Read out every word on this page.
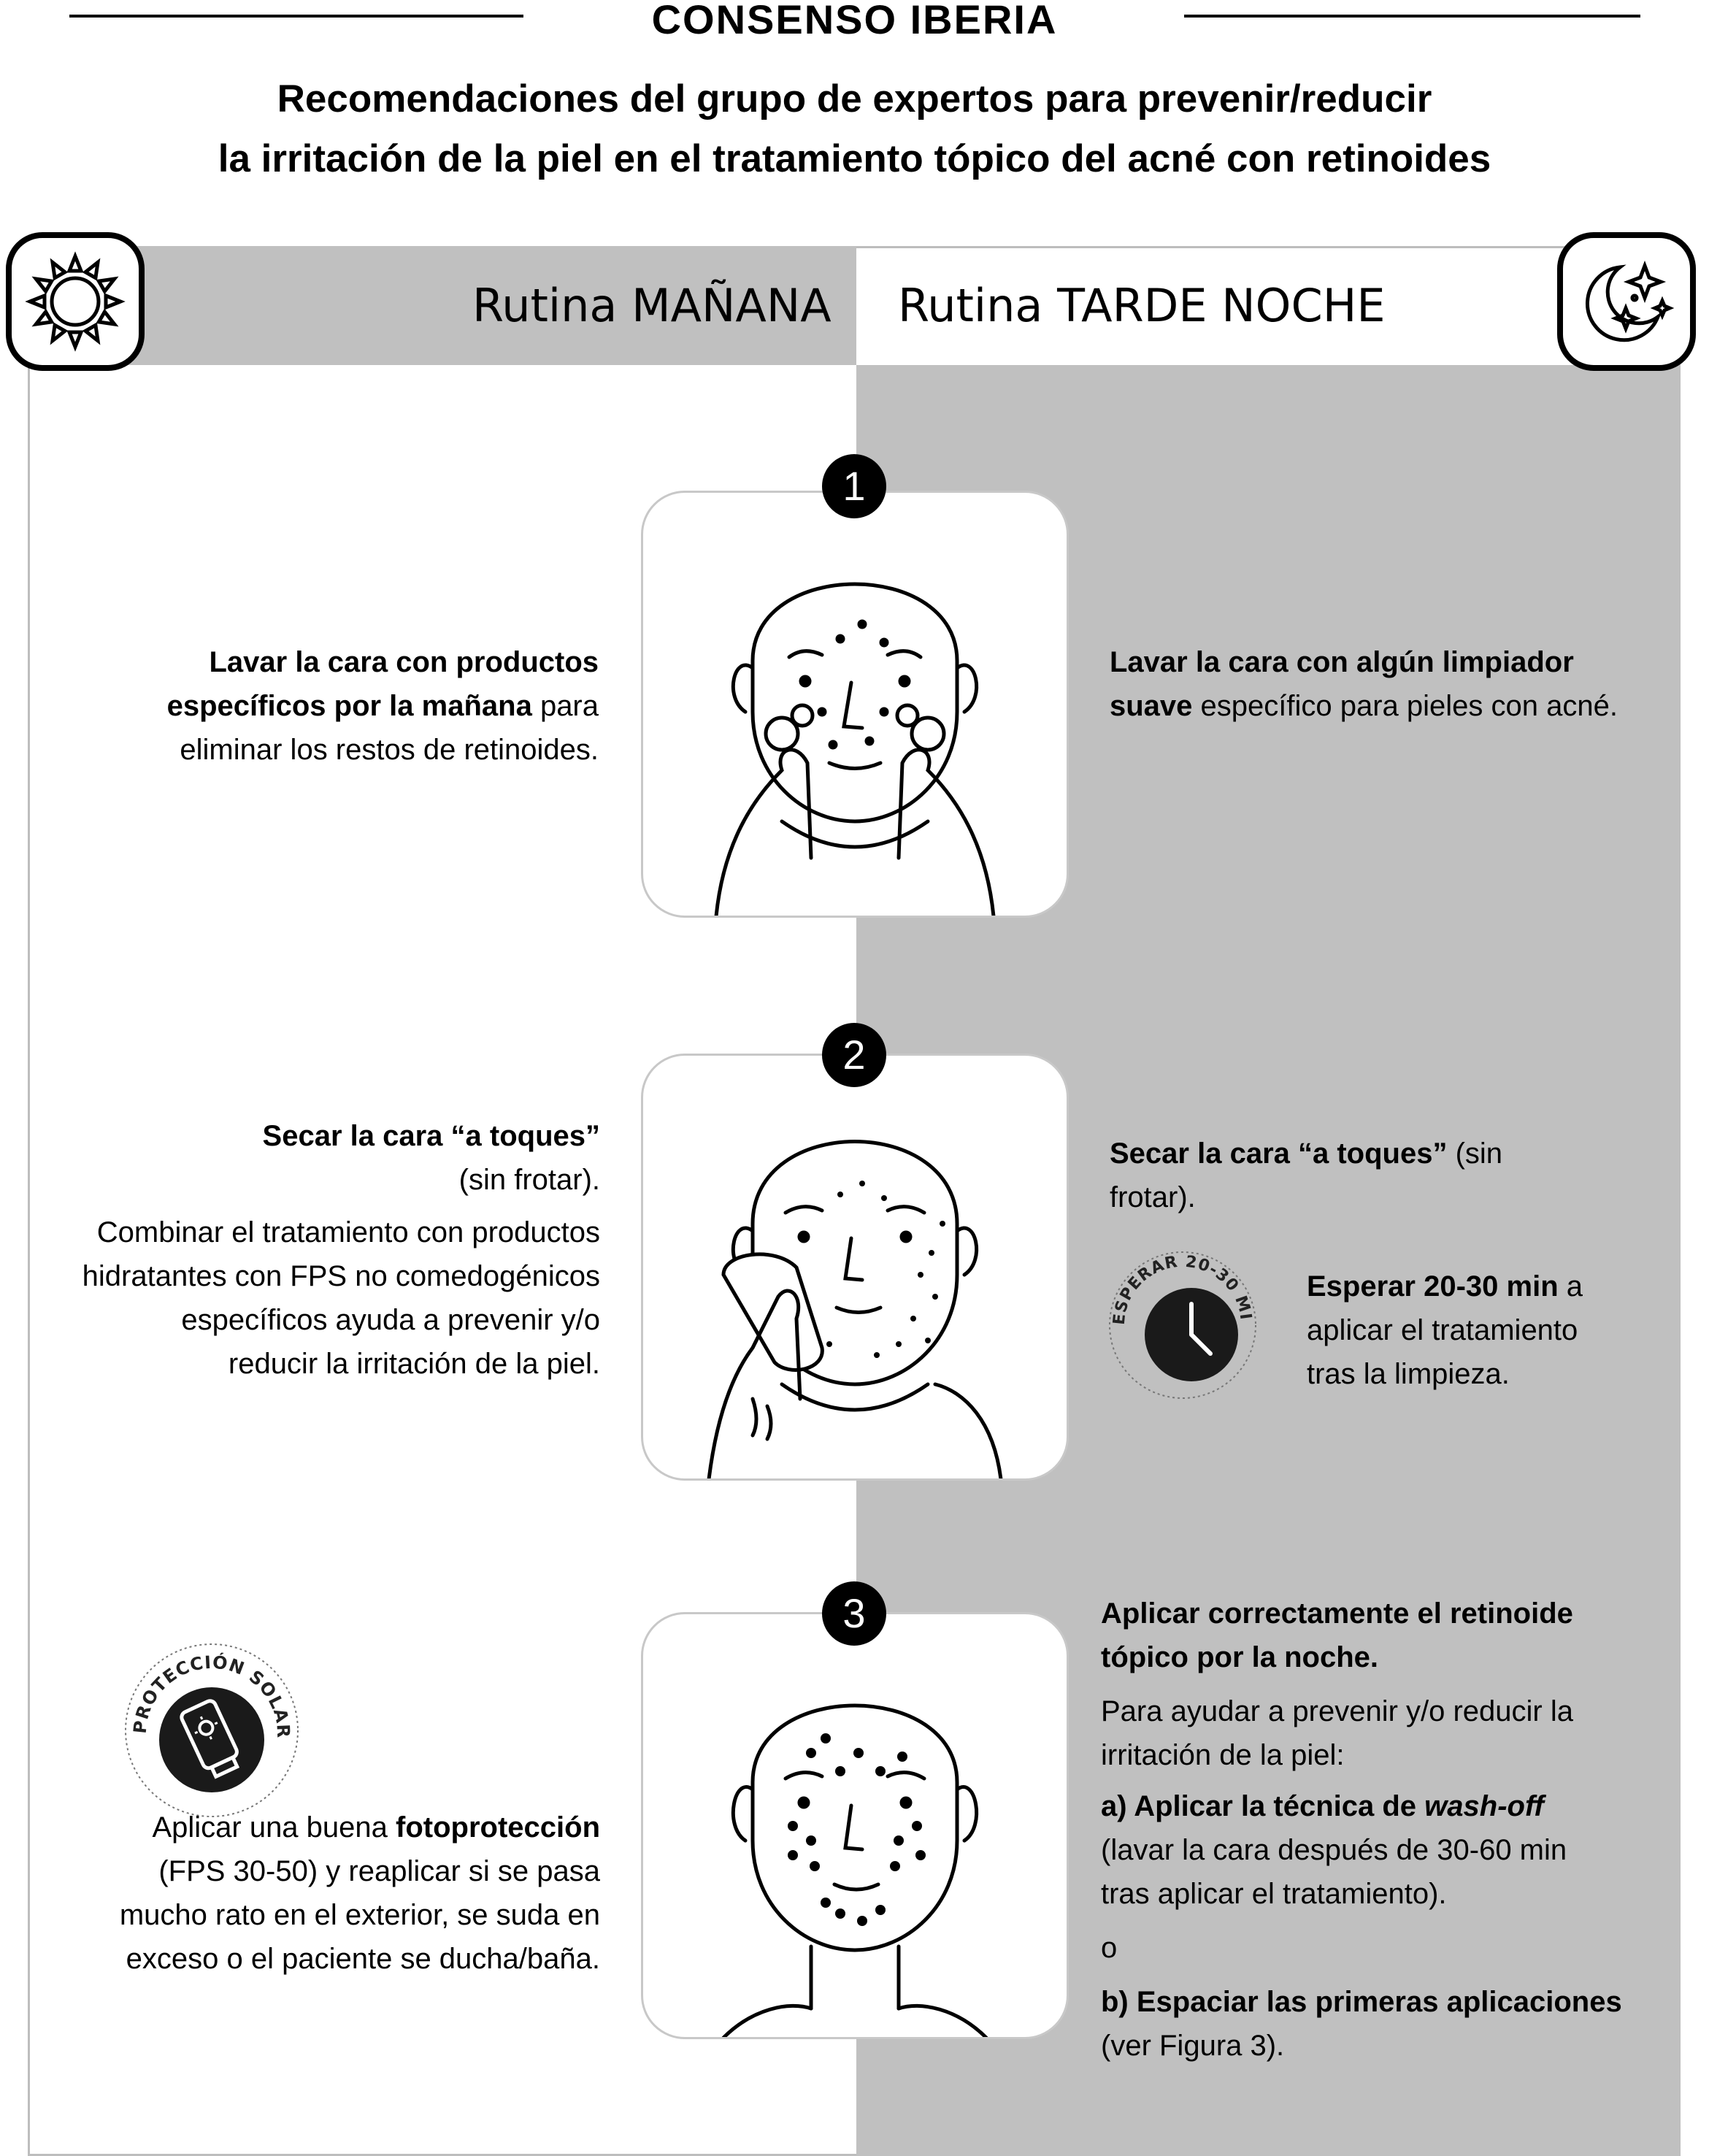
CONSENSO IBERIA
Recomendaciones del grupo de expertos para prevenir/reducir
la irritación de la piel en el tratamiento tópico del acné con retinoides
Rutina MAÑANA Rutina TARDE NOCHE
1
Lavar la cara con productos
específicos por la mañana para
eliminar los restos de retinoides.
Lavar la cara con algún limpiador
suave específico para pieles con acné.
2
Secar la cara “a toques”
(sin frotar).
Combinar el tratamiento con productos
hidratantes con FPS no comedogénicos
específicos ayuda a prevenir y/o
reducir la irritación de la piel.
Secar la cara “a toques” (sin
frotar).
ESPERAR 20-30 MI
Esperar 20-30 min a
aplicar el tratamiento
tras la limpieza.
3
PROTECCIÓN SOLAR
Aplicar una buena fotoprotección
(FPS 30-50) y reaplicar si se pasa
mucho rato en el exterior, se suda en
exceso o el paciente se ducha/baña.
Aplicar correctamente el retinoide
tópico por la noche.
Para ayudar a prevenir y/o reducir la
irritación de la piel:
a) Aplicar la técnica de wash-off
(lavar la cara después de 30-60 min
tras aplicar el tratamiento).
o
b) Espaciar las primeras aplicaciones
(ver Figura 3).
